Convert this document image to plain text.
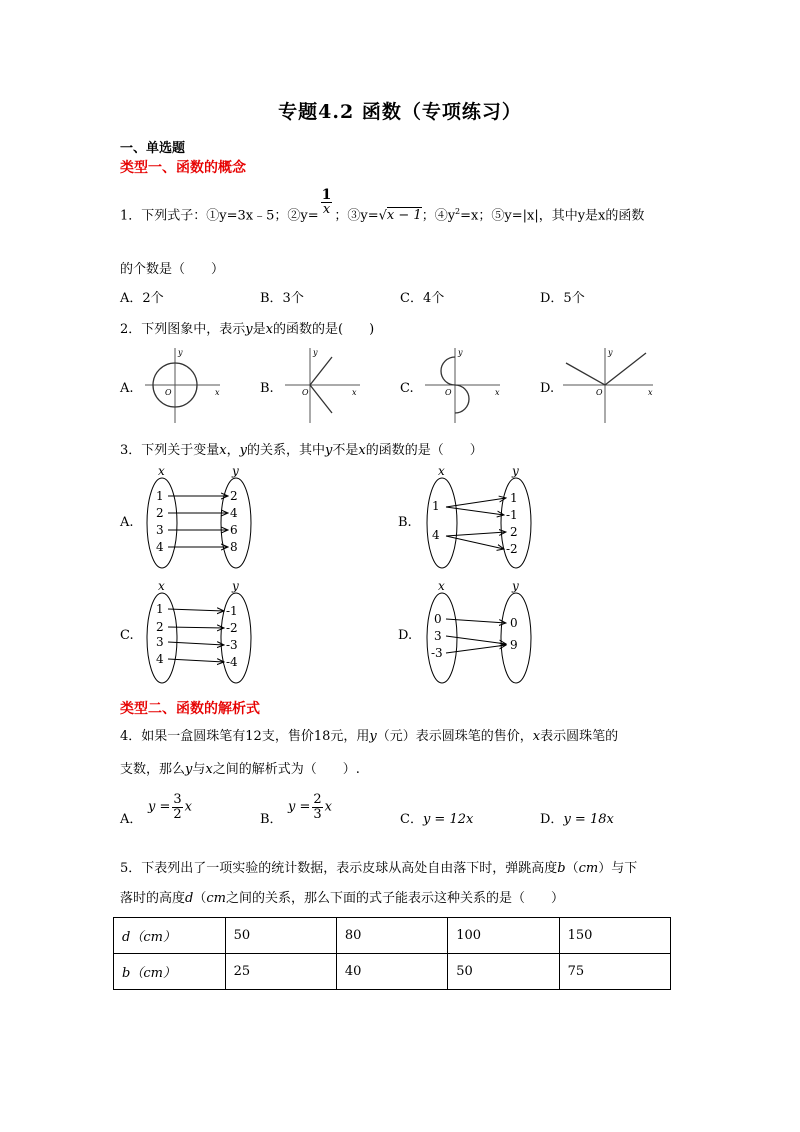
专题4.2 函数（专项练习）
一、单选题
类型一、函数的概念
1．下列式子：①y=3x﹣5；②y= $\frac{1}{x}$ ；③y=√x − 1；$④y^2=x$；⑤y=|x|，其中y是x的函数
的个数是（　　）
A．2个	B．3个	C．4个	D．5个
2．下列图象中，表示y是x的函数的是(　　)
A.	B.	C.	D.
y
x
O
y
x
O
y
x
O
y
x
O
3．下列关于变量x，y的关系，其中y不是x的函数的是（　　）
A.	B.
C.	D.
x	y
1
2
3
4
2
4
6
8
x	y
1
4
1
-1
2
-2
x	y
1
2
3
4
-1
-2
-3
-4
x	y
0
3
-3
0
9
类型二、函数的解析式
4．如果一盒圆珠笔有12支，售价18元，用y（元）表示圆珠笔的售价，x表示圆珠笔的
支数，那么y与x之间的解析式为（　　）.
A．
$y = \frac{3}{2}$ x
B．
$y = \frac{2}{3}$ x
C．y = 12x	D．y = 18x
5．下表列出了一项实验的统计数据，表示皮球从高处自由落下时，弹跳高度b（cm）与下
落时的高度d（cm之间的关系，那么下面的式子能表示这种关系的是（　　）
d（cm）	50	80	100	150
b（cm）	25	40	50	75
